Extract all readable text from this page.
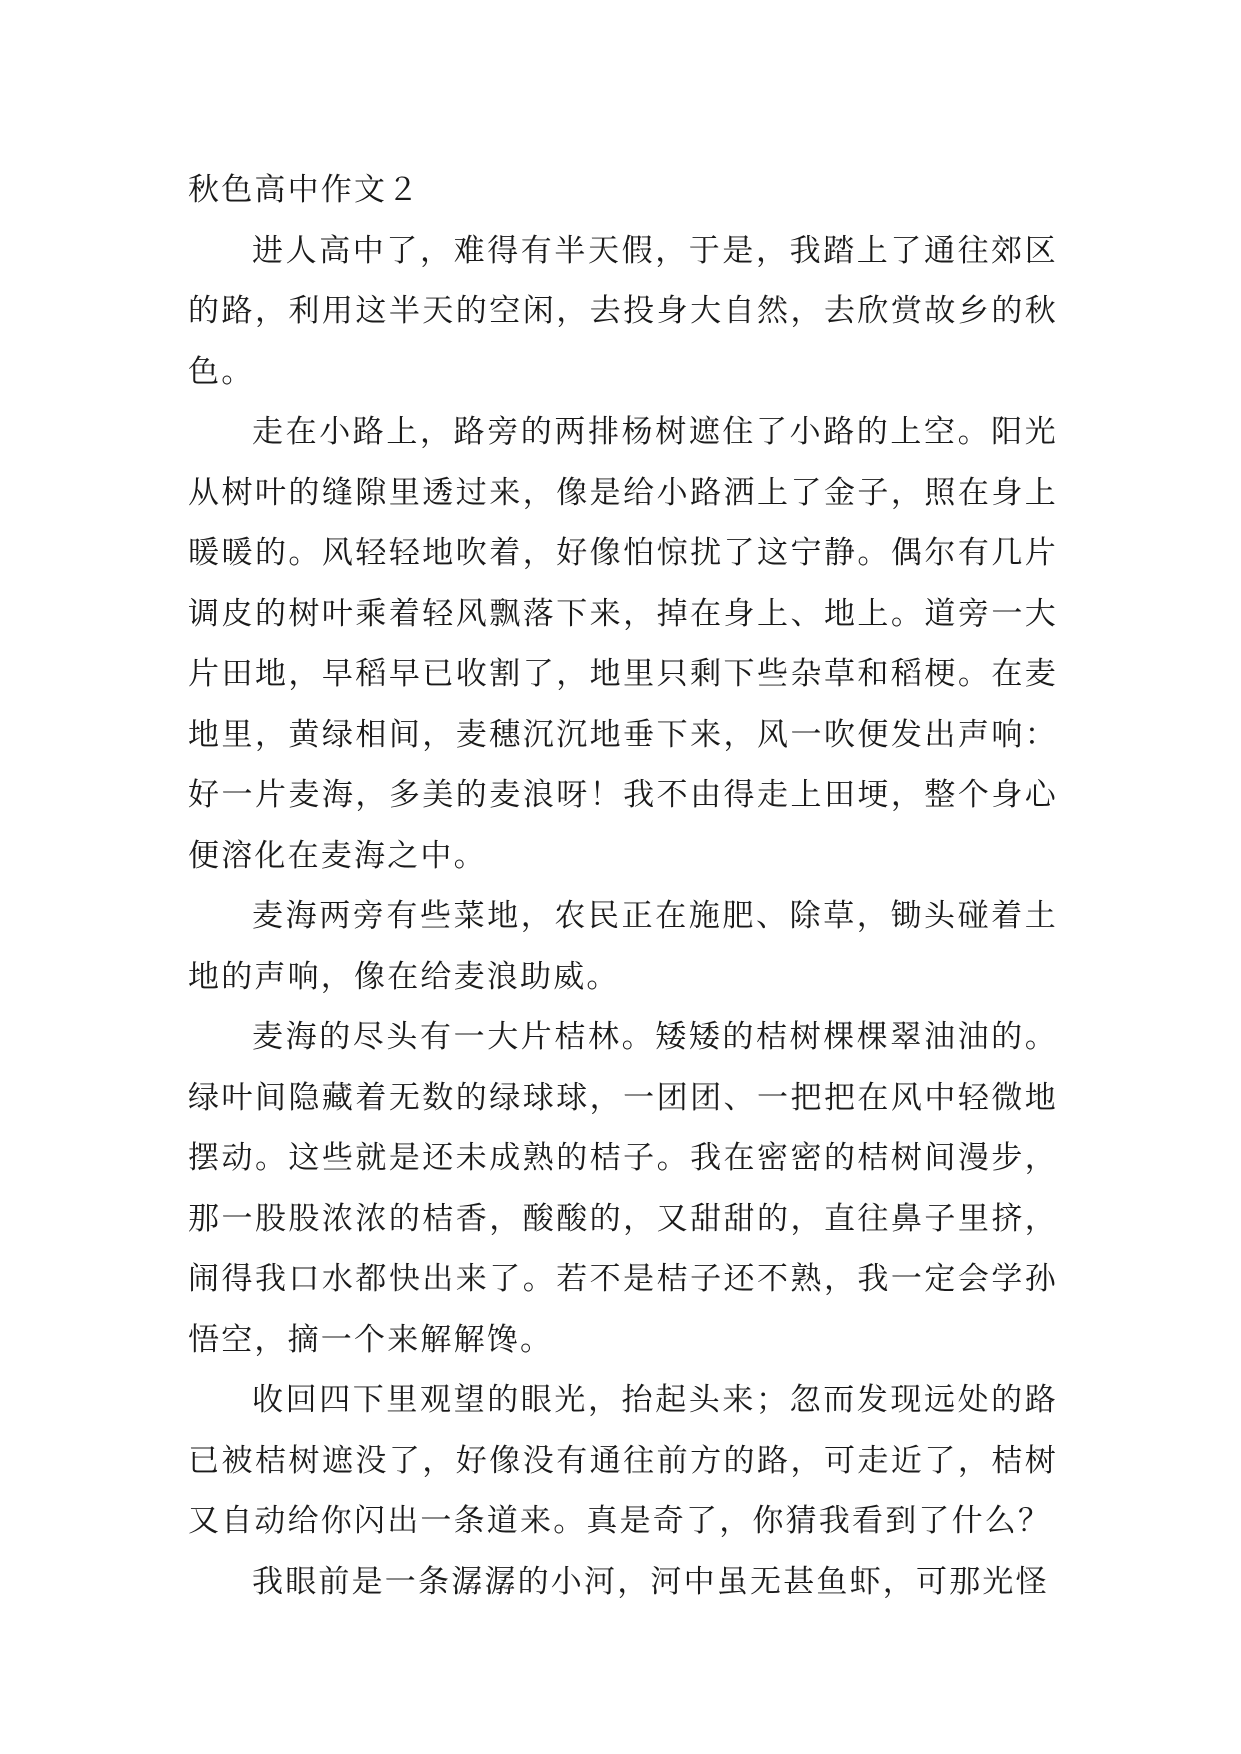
秋色高中作文２

进人高中了，难得有半天假，于是，我踏上了通往郊区的路，利用这半天的空闲，去投身大自然，去欣赏故乡的秋色。

走在小路上，路旁的两排杨树遮住了小路的上空。阳光从树叶的缝隙里透过来，像是给小路洒上了金子，照在身上暖暖的。风轻轻地吹着，好像怕惊扰了这宁静。偶尔有几片调皮的树叶乘着轻风飘落下来，掉在身上、地上。道旁一大片田地，早稻早已收割了，地里只剩下些杂草和稻梗。在麦地里，黄绿相间，麦穗沉沉地垂下来，风一吹便发出声响：好一片麦海，多美的麦浪呀！我不由得走上田埂，整个身心便溶化在麦海之中。

麦海两旁有些菜地，农民正在施肥、除草，锄头碰着土地的声响，像在给麦浪助威。

麦海的尽头有一大片桔林。矮矮的桔树棵棵翠油油的。绿叶间隐藏着无数的绿球球，一团团、一把把在风中轻微地摆动。这些就是还未成熟的桔子。我在密密的桔树间漫步，那一股股浓浓的桔香，酸酸的，又甜甜的，直往鼻子里挤，闹得我口水都快出来了。若不是桔子还不熟，我一定会学孙悟空，摘一个来解解馋。

收回四下里观望的眼光，抬起头来；忽而发现远处的路已被桔树遮没了，好像没有通往前方的路，可走近了，桔树又自动给你闪出一条道来。真是奇了，你猜我看到了什么？

我眼前是一条潺潺的小河，河中虽无甚鱼虾，可那光怪
